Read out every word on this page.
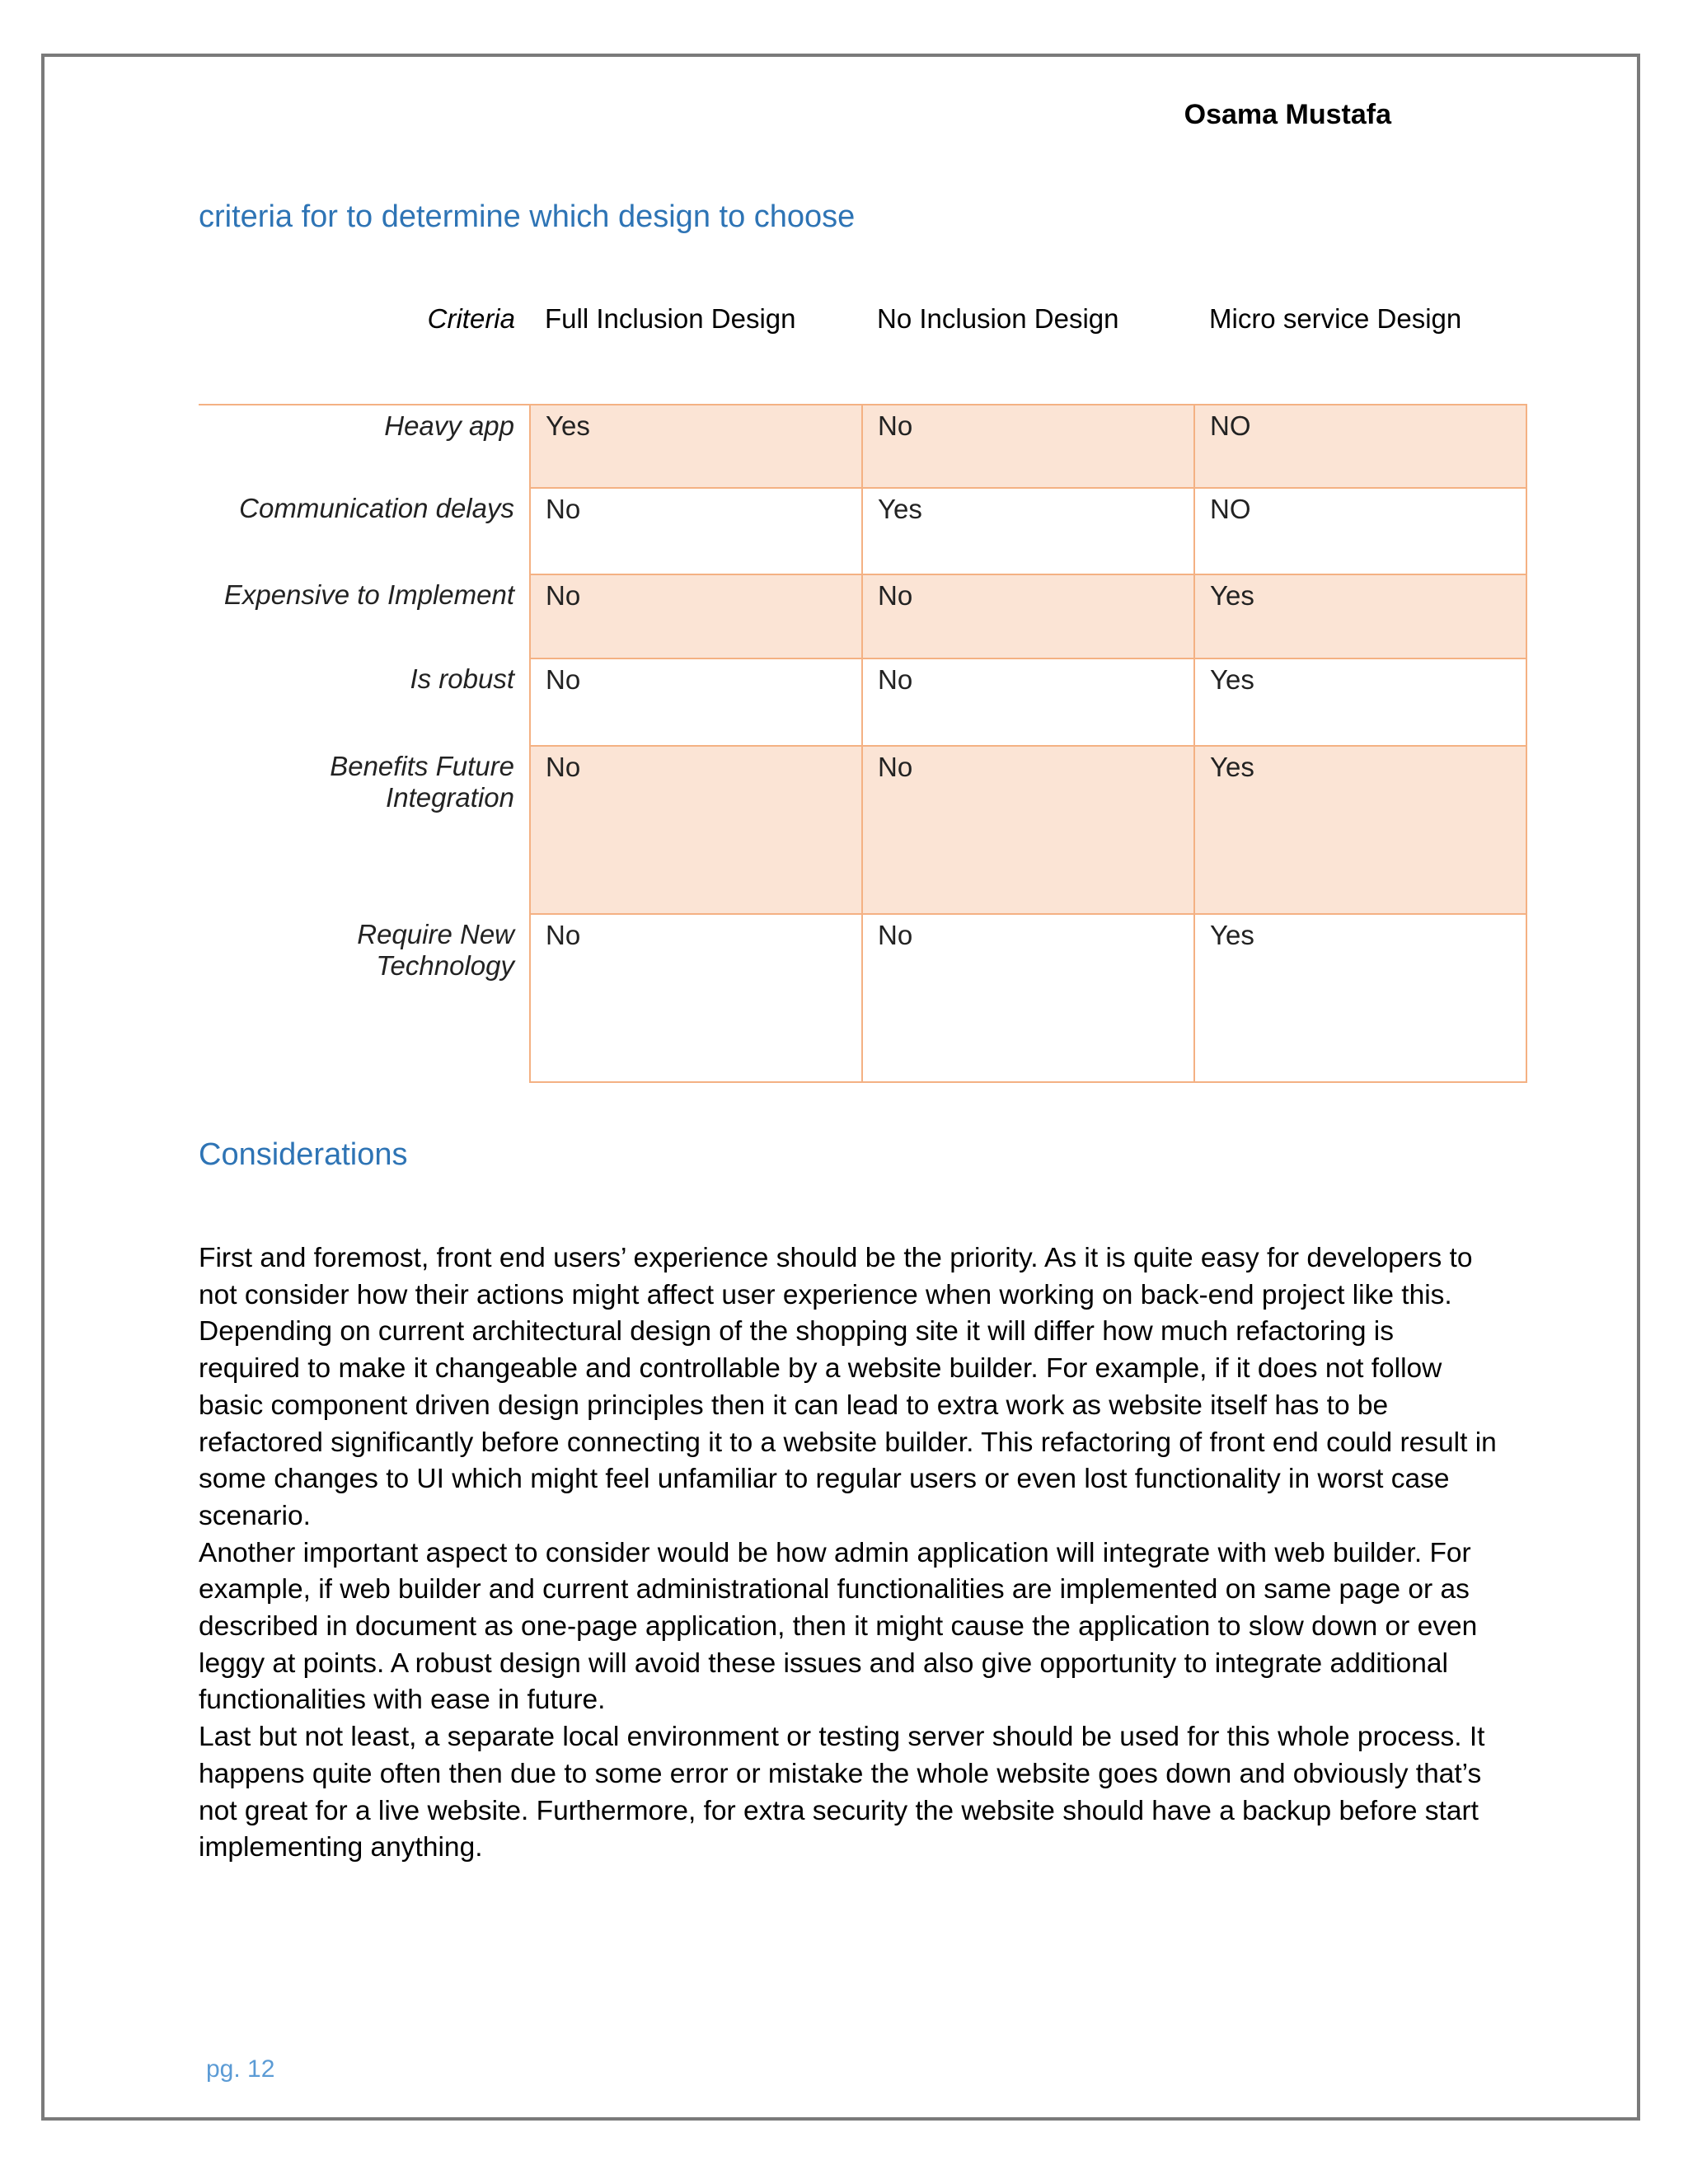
Osama Mustafa
criteria for to determine which design to choose
Criteria	Full Inclusion Design	No Inclusion Design	Micro service Design
Heavy app	Yes	No	NO
Communication delays	No	Yes	NO
Expensive to Implement	No	No	Yes
Is robust	No	No	Yes
Benefits Future Integration	No	No	Yes
Require New Technology	No	No	Yes
Considerations

First and foremost, front end users’ experience should be the priority. As it is quite easy for developers to not consider how their actions might affect user experience when working on back-end project like this. Depending on current architectural design of the shopping site it will differ how much refactoring is required to make it changeable and controllable by a website builder. For example, if it does not follow basic component driven design principles then it can lead to extra work as website itself has to be refactored significantly before connecting it to a website builder. This refactoring of front end could result in some changes to UI which might feel unfamiliar to regular users or even lost functionality in worst case scenario.

Another important aspect to consider would be how admin application will integrate with web builder. For example, if web builder and current administrational functionalities are implemented on same page or as described in document as one-page application, then it might cause the application to slow down or even leggy at points. A robust design will avoid these issues and also give opportunity to integrate additional functionalities with ease in future.

Last but not least, a separate local environment or testing server should be used for this whole process. It happens quite often then due to some error or mistake the whole website goes down and obviously that’s not great for a live website. Furthermore, for extra security the website should have a backup before start implementing anything.

pg. 12
